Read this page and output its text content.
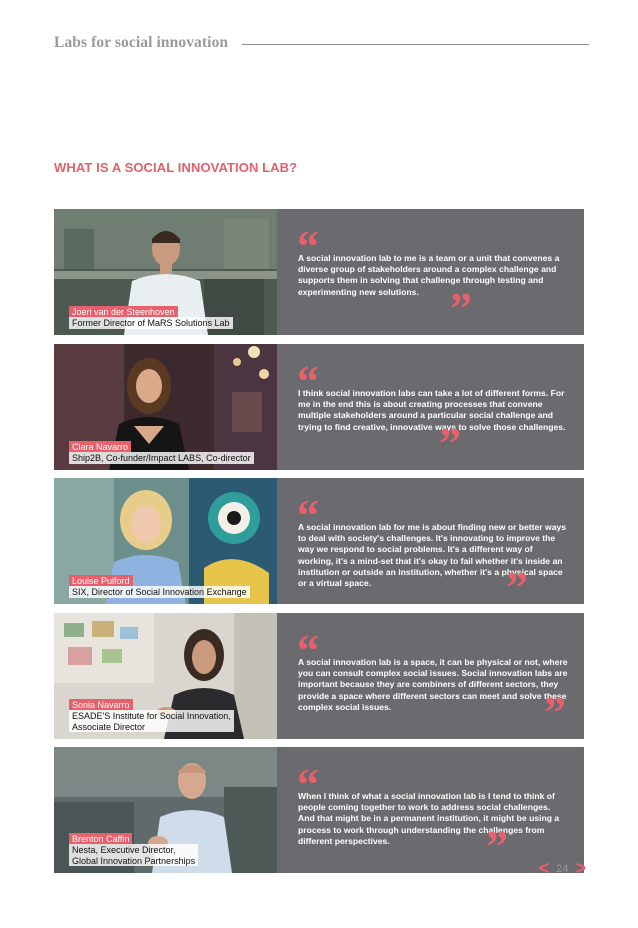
Labs for social innovation
WHAT IS A SOCIAL INNOVATION LAB?
Joeri van der Steenhoven
Former Director of MaRS Solutions Lab
“
A social innovation lab to me is a team or a unit that convenes a diverse group of stakeholders around a complex challenge and supports them in solving that challenge through testing and experimenting new solutions. ”
Clara Navarro
Ship2B, Co-funder/Impact LABS, Co-director
“
I think social innovation labs can take a lot of different forms. For me in the end this is about creating processes that convene multiple stakeholders around a particular social challenge and trying to find creative, innovative ways to solve those challenges.
”
Louise Pulford
SIX, Director of Social Innovation Exchange
“
A social innovation lab for me is about finding new or better ways to deal with society's challenges. It's innovating to improve the way we respond to social problems. It's a different way of working, it's a mind-set that it's okay to fail whether it's inside an institution or outside an institution, whether it's a physical space or a virtual space.	”
Sonia Navarro
ESADE'S Institute for Social Innovation,
Associate Director
“
A social innovation lab is a space, it can be physical or not, where you can consult complex social issues. Social innovation labs are important because they are combiners of different sectors, they provide a space where different sectors can meet and solve these complex social issues.	”
Brenton Caffin
Nesta, Executive Director,
Global Innovation Partnerships
“
When I think of what a social innovation lab is I tend to think of people coming together to work to address social challenges. And that might be in a permanent institution, it might be using a process to work through understanding the challenges from different perspectives.	” < 24 >
